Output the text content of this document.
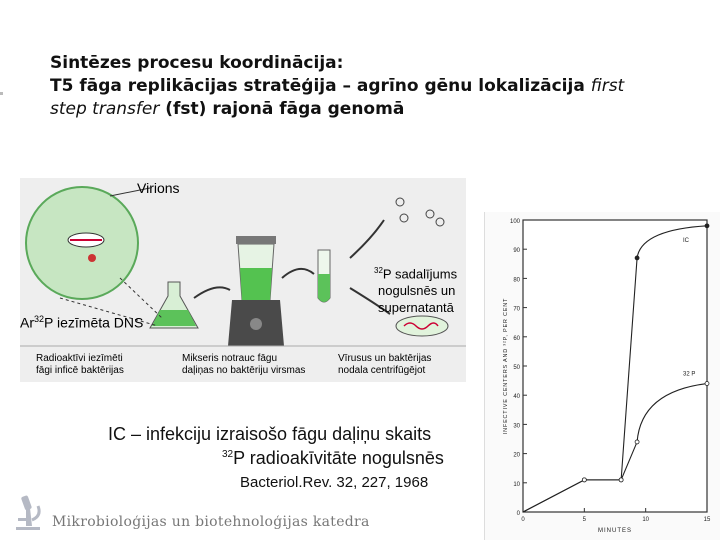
Sintēzes procesu koordinācija:
T5 fāga replikācijas stratēģija – agrīno gēnu lokalizācija first
step transfer (fst) rajonā fāga genomā
Virions
Ar$^{32}$P iezīmēta DNS
$^{32}$P sadalījums
nogulsnēs un
supernatantā
Radioaktīvi iezīmēti
fāgi inficē baktērijas
Mikseris notrauc fāgu
daļiņas no baktēriju virsmas
Vīrusus un baktērijas
nodala centrifūgējot
IC – infekciju izraisošo fāgu daļiņu skaits
$^{32}$P radioakīvitāte nogulsnēs
Bacteriol.Rev. 32, 227, 1968
100
90
80
70
60
50
40
30
20
10
0
0	5	10	15
MINUTES
INFECTIVE CENTERS AND ³²P, PER CENT
IC
32 P
Mikrobioloģijas un biotehnoloģijas katedra
